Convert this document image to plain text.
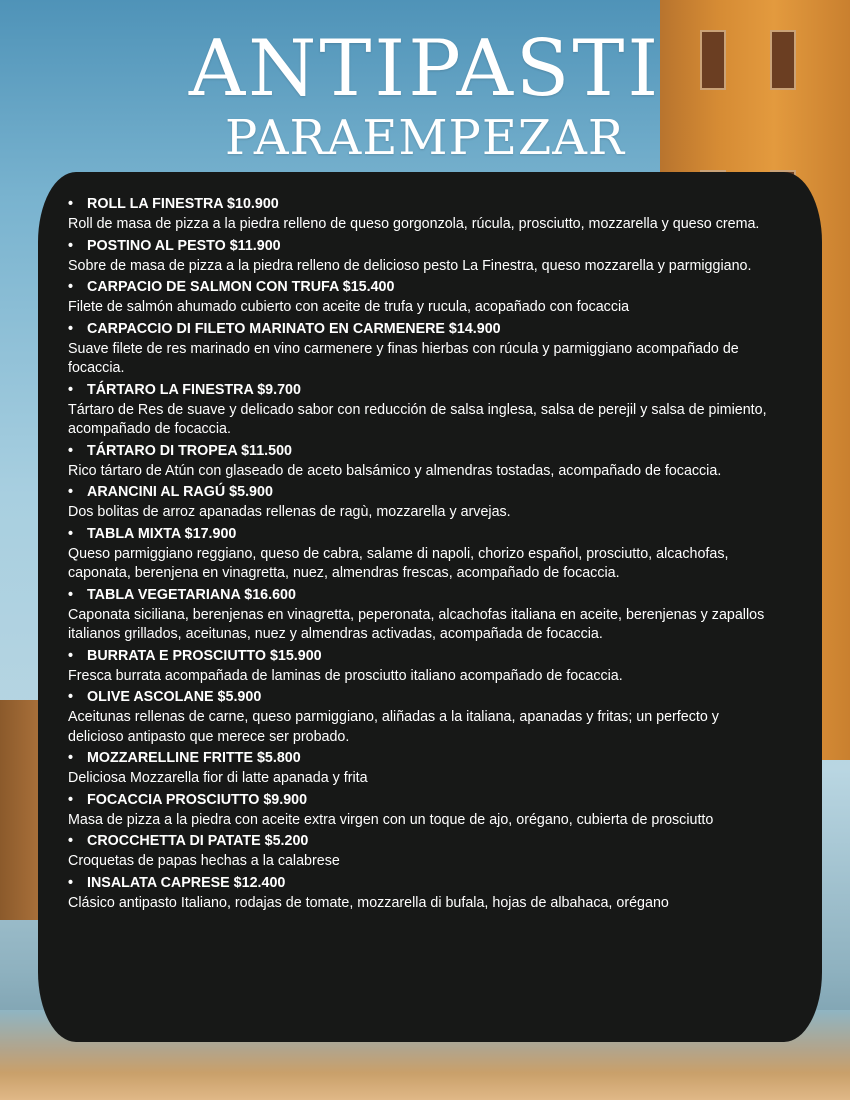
ANTIPASTI
PARAEMPEZAR
• ROLL LA FINESTRA $10.900
Roll de masa de pizza a la piedra relleno de queso gorgonzola, rúcula, prosciutto, mozzarella y queso crema.
• POSTINO AL PESTO $11.900
Sobre de masa de pizza a la piedra relleno de delicioso pesto La Finestra, queso mozzarella y parmiggiano.
• CARPACIO DE SALMON CON TRUFA $15.400
Filete de salmón ahumado cubierto con aceite de trufa y rucula, acopañado con focaccia
• CARPACCIO DI FILETO MARINATO EN CARMENERE $14.900
Suave filete de res marinado en vino carmenere y finas hierbas con rúcula y parmiggiano acompañado de focaccia.
• TÁRTARO LA FINESTRA $9.700
Tártaro de Res de suave y delicado sabor con reducción de salsa inglesa, salsa de perejil y salsa de pimiento, acompañado de focaccia.
• TÁRTARO DI TROPEA $11.500
Rico tártaro de Atún con glaseado de aceto balsámico y almendras tostadas, acompañado de focaccia.
• ARANCINI AL RAGÚ $5.900
Dos bolitas de arroz apanadas rellenas de ragù, mozzarella y arvejas.
• TABLA MIXTA $17.900
Queso parmiggiano reggiano, queso de cabra, salame di napoli, chorizo español, prosciutto, alcachofas, caponata, berenjena en vinagretta, nuez, almendras frescas, acompañado de focaccia.
• TABLA VEGETARIANA $16.600
Caponata siciliana, berenjenas en vinagretta, peperonata, alcachofas italiana en aceite, berenjenas y zapallos italianos grillados, aceitunas, nuez y almendras activadas, acompañada de focaccia.
• BURRATA E PROSCIUTTO $15.900
Fresca burrata acompañada de laminas de prosciutto italiano acompañado de focaccia.
• OLIVE ASCOLANE $5.900
Aceitunas rellenas de carne, queso parmiggiano, aliñadas a la italiana, apanadas y fritas; un perfecto y delicioso antipasto que merece ser probado.
• MOZZARELLINE FRITTE $5.800
Deliciosa Mozzarella fior di latte apanada y frita
• FOCACCIA PROSCIUTTO $9.900
Masa de pizza a la piedra con aceite extra virgen con un toque de ajo, orégano, cubierta de prosciutto
• CROCCHETTA DI PATATE $5.200
Croquetas de papas hechas a la calabrese
• INSALATA CAPRESE $12.400
Clásico antipasto Italiano, rodajas de tomate, mozzarella di bufala, hojas de albahaca, orégano
